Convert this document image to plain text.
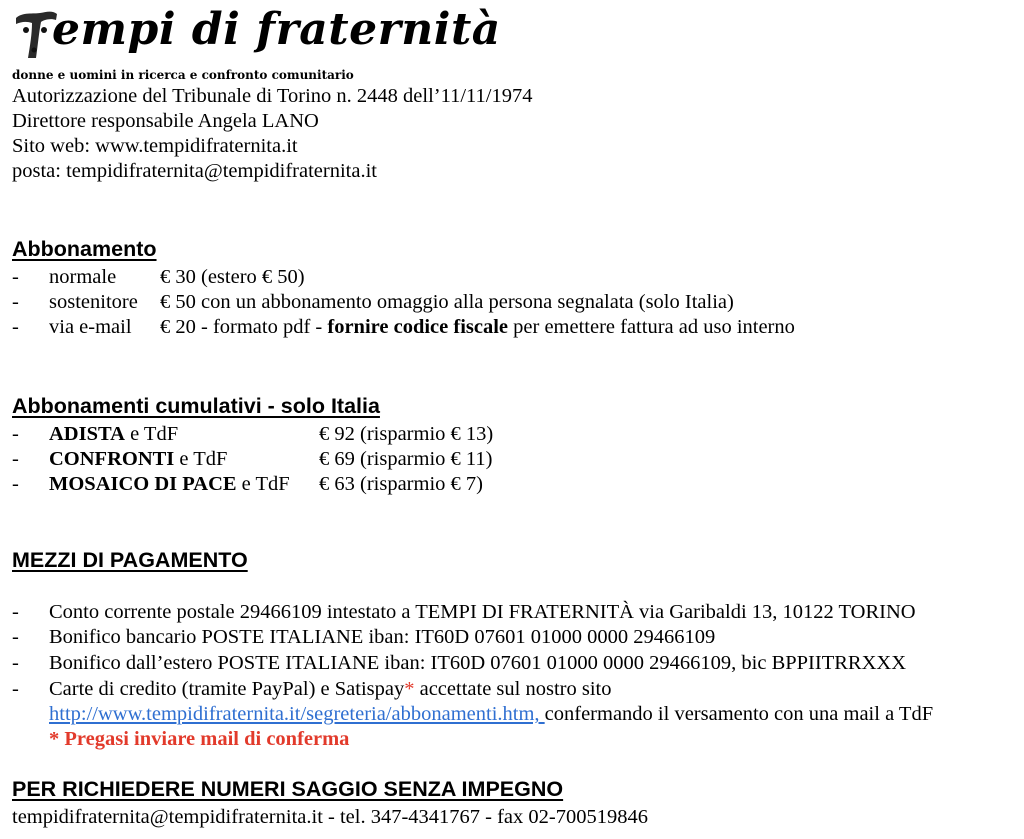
empi di fraternità
donne e uomini in ricerca e confronto comunitario
Autorizzazione del Tribunale di Torino n. 2448 dell’11/11/1974
Direttore responsabile Angela LANO
Sito web: www.tempidifraternita.it
posta: tempidifraternita@tempidifraternita.it
Abbonamento
- normale € 30 (estero € 50)
- sostenitore € 50 con un abbonamento omaggio alla persona segnalata (solo Italia)
- via e-mail € 20 - formato pdf - fornire codice fiscale per emettere fattura ad uso interno
Abbonamenti cumulativi - solo Italia
- ADISTA e TdF	€ 92 (risparmio € 13)
- CONFRONTI e TdF	€ 69 (risparmio € 11)
- MOSAICO DI PACE e TdF € 63 (risparmio € 7)
MEZZI DI PAGAMENTO
- Conto corrente postale 29466109 intestato a TEMPI DI FRATERNITÀ via Garibaldi 13, 10122 TORINO
- Bonifico bancario POSTE ITALIANE iban: IT60D 07601 01000 0000 29466109
- Bonifico dall’estero POSTE ITALIANE iban: IT60D 07601 01000 0000 29466109, bic BPPIITRRXXX
- Carte di credito (tramite PayPal) e Satispay* accettate sul nostro sito
http://www.tempidifraternita.it/segreteria/abbonamenti.htm, confermando il versamento con una mail a TdF
* Pregasi inviare mail di conferma
PER RICHIEDERE NUMERI SAGGIO SENZA IMPEGNO
tempidifraternita@tempidifraternita.it - tel. 347-4341767 - fax 02-700519846
